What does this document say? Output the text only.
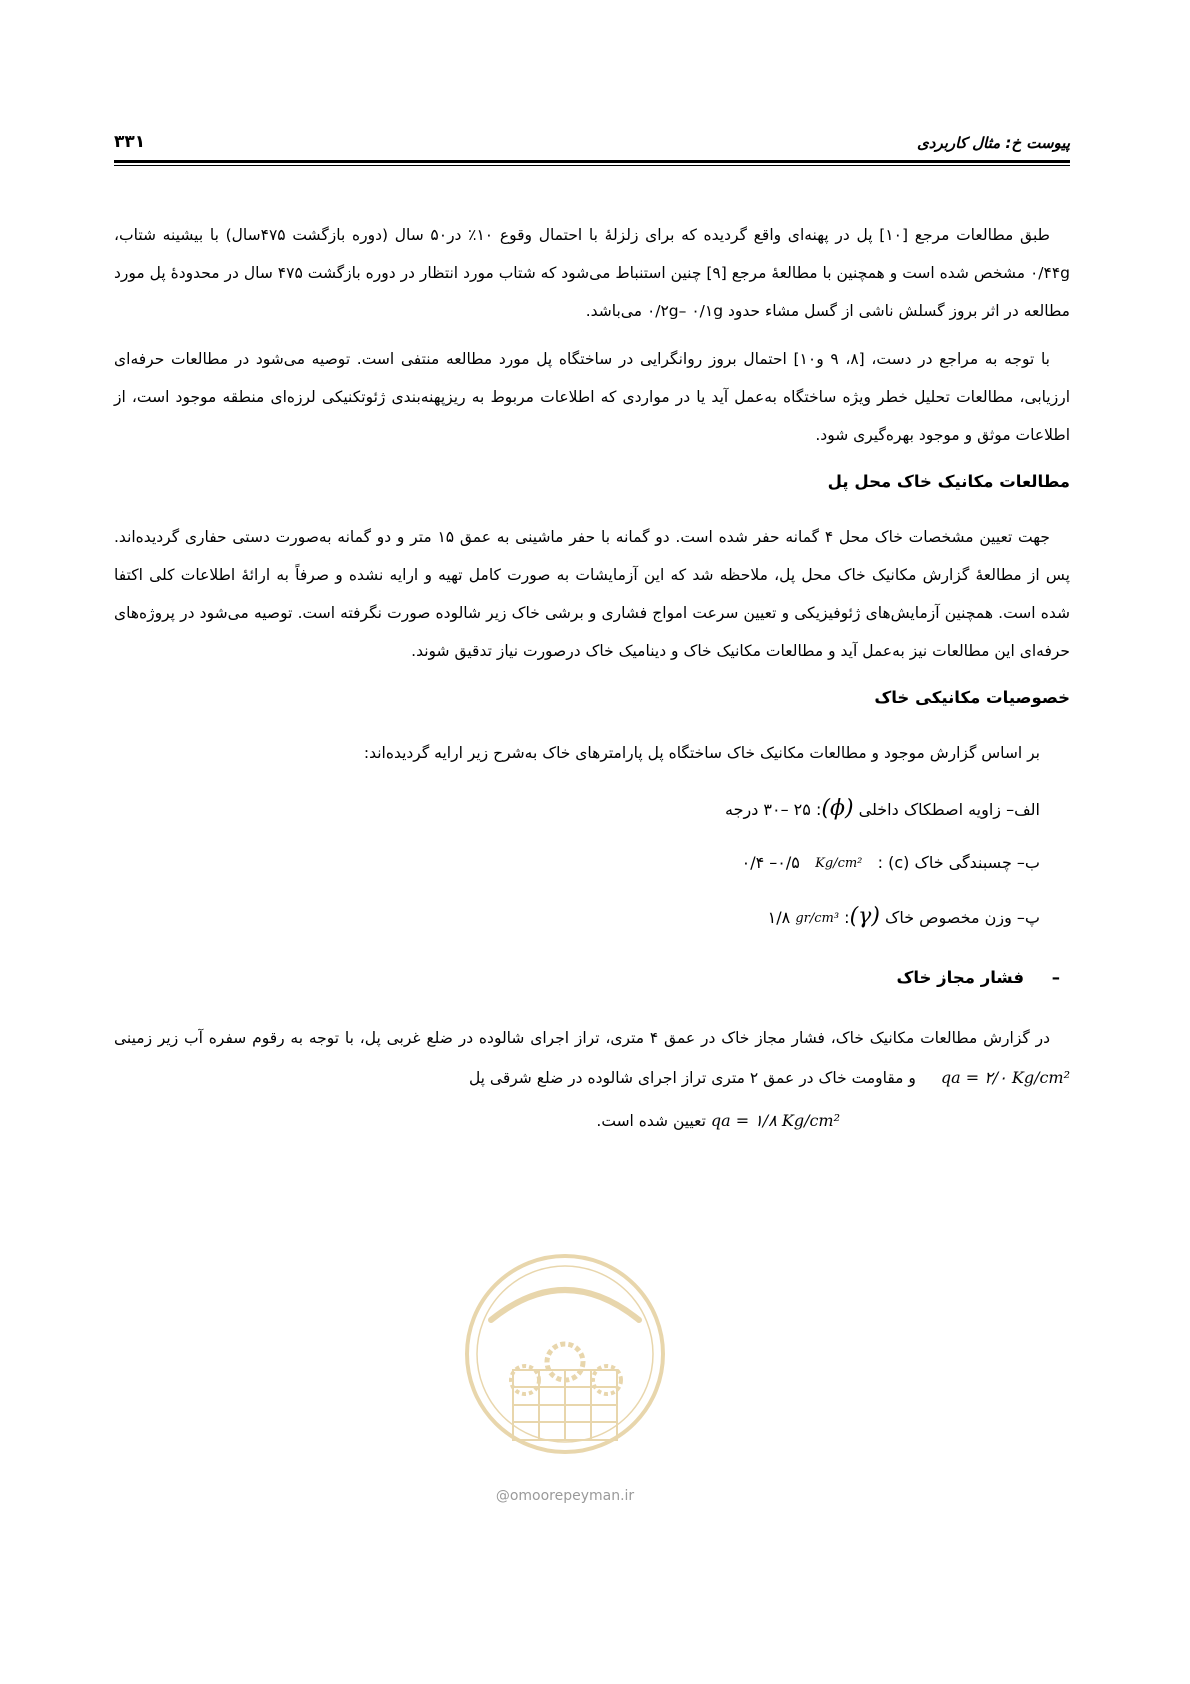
پیوست خ: مثال کاربردی
۳۳۱

طبق مطالعات مرجع [۱۰] پل در پهنه‌ای واقع گردیده که برای زلزلهٔ با احتمال وقوع ۱۰٪ در۵۰ سال (دوره بازگشت ۴۷۵سال) با بیشینه شتاب، ۰/۴۴g مشخص شده است و همچنین با مطالعهٔ مرجع [۹] چنین استنباط می‌شود که شتاب مورد انتظار در دوره بازگشت ۴۷۵ سال در محدودهٔ پل مورد مطالعه در اثر بروز گسلش ناشی از گسل مشاء حدود ۰/۲g– ۰/۱g می‌باشد.

با توجه به مراجع در دست، [۸، ۹ و۱۰] احتمال بروز روانگرایی در ساختگاه پل مورد مطالعه منتفی است. توصیه می‌شود در مطالعات حرفه‌ای ارزیابی، مطالعات تحلیل خطر ویژه ساختگاه به‌عمل آید یا در مواردی که اطلاعات مربوط به ریزپهنه‌بندی ژئوتکنیکی لرزه‌ای منطقه موجود است، از اطلاعات موثق و موجود بهره‌گیری شود.

مطالعات مکانیک خاک محل پل

جهت تعیین مشخصات خاک محل ۴ گمانه حفر شده است. دو گمانه با حفر ماشینی به عمق ۱۵ متر و دو گمانه به‌صورت دستی حفاری گردیده‌اند. پس از مطالعهٔ گزارش مکانیک خاک محل پل، ملاحظه شد که این آزمایشات به صورت کامل تهیه و ارایه نشده و صرفاً به ارائهٔ اطلاعات کلی اکتفا شده است. همچنین آزمایش‌های ژئوفیزیکی و تعیین سرعت امواج فشاری و برشی خاک زیر شالوده صورت نگرفته است. توصیه می‌شود در پروژه‌های حرفه‌ای این مطالعات نیز به‌عمل آید و مطالعات مکانیک خاک و دینامیک خاک درصورت نیاز تدقیق شوند.

خصوصیات مکانیکی خاک

بر اساس گزارش موجود و مطالعات مکانیک خاک ساختگاه پل پارامترهای خاک به‌شرح زیر ارایه گردیده‌اند:

الف– زاویه اصطکاک داخلی (ϕ): ۳۰– ۲۵ درجه
ب– چسبندگی خاک (c) :   Kg/cm²   ۰/۴ –۰/۵
پ– وزن مخصوص خاک (γ): gr/cm³ ۱/۸
– فشار مجاز خاک

در گزارش مطالعات مکانیک خاک، فشار مجاز خاک در عمق ۴ متری، تراز اجرای شالوده در ضلع غربی پل، با توجه به رقوم سفره آب زیر زمینی qa = ۲/۰ Kg/cm² و مقاومت خاک در عمق ۲ متری تراز اجرای شالوده در ضلع شرقی پل

qa = ۱/۸ Kg/cm² تعیین شده است.
@omoorepeyman.ir
